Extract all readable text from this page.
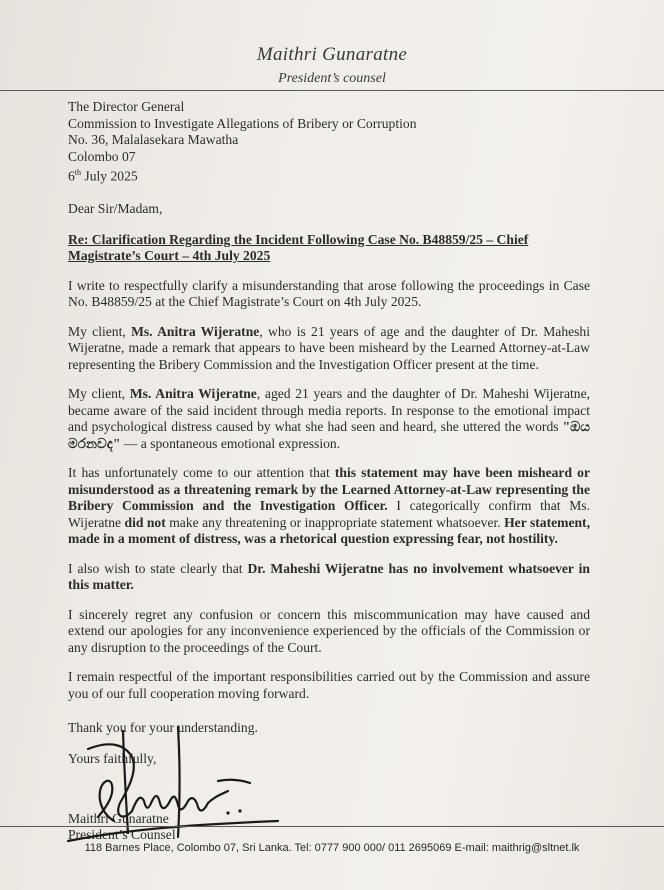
Maithri Gunaratne
President’s counsel
The Director General
Commission to Investigate Allegations of Bribery or Corruption
No. 36, Malalasekara Mawatha
Colombo 07
6th July 2025
Dear Sir/Madam,
Re: Clarification Regarding the Incident Following Case No. B48859/25 – Chief Magistrate’s Court – 4th July 2025

I write to respectfully clarify a misunderstanding that arose following the proceedings in Case No. B48859/25 at the Chief Magistrate’s Court on 4th July 2025.

My client, Ms. Anitra Wijeratne, who is 21 years of age and the daughter of Dr. Maheshi Wijeratne, made a remark that appears to have been misheard by the Learned Attorney-at-Law representing the Bribery Commission and the Investigation Officer present at the time.

My client, Ms. Anitra Wijeratne, aged 21 years and the daughter of Dr. Maheshi Wijeratne, became aware of the said incident through media reports. In response to the emotional impact and psychological distress caused by what she had seen and heard, she uttered the words "ඔය මරනවද" — a spontaneous emotional expression.

It has unfortunately come to our attention that this statement may have been misheard or misunderstood as a threatening remark by the Learned Attorney-at-Law representing the Bribery Commission and the Investigation Officer. I categorically confirm that Ms. Wijeratne did not make any threatening or inappropriate statement whatsoever. Her statement, made in a moment of distress, was a rhetorical question expressing fear, not hostility.

I also wish to state clearly that Dr. Maheshi Wijeratne has no involvement whatsoever in this matter.

I sincerely regret any confusion or concern this miscommunication may have caused and extend our apologies for any inconvenience experienced by the officials of the Commission or any disruption to the proceedings of the Court.

I remain respectful of the important responsibilities carried out by the Commission and assure you of our full cooperation moving forward.

Thank you for your understanding.
Yours faithfully,
Maithri Gunaratne
President’s Counsel
118 Barnes Place, Colombo 07, Sri Lanka. Tel: 0777 900 000/ 011 2695069 E-mail: maithrig@sltnet.lk
